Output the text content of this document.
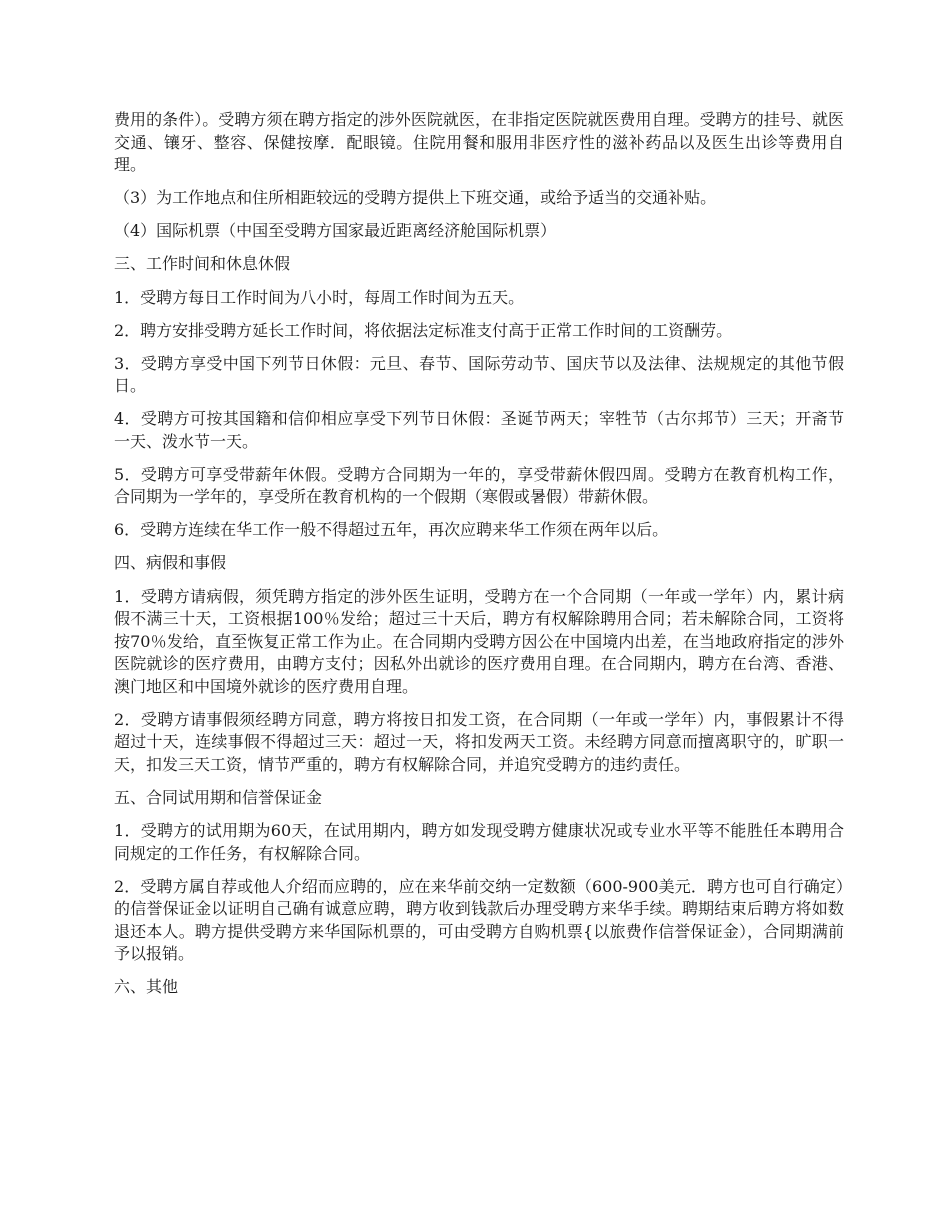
费用的条件）。受聘方须在聘方指定的涉外医院就医，在非指定医院就医费用自理。受聘方的挂号、就医交通、镶牙、整容、保健按摩．配眼镜。住院用餐和服用非医疗性的滋补药品以及医生出诊等费用自理。

（3）为工作地点和住所相距较远的受聘方提供上下班交通，或给予适当的交通补贴。

（4）国际机票（中国至受聘方国家最近距离经济舱国际机票）

三、工作时间和休息休假

1．受聘方每日工作时间为八小时，每周工作时间为五天。

2．聘方安排受聘方延长工作时间，将依据法定标准支付高于正常工作时间的工资酬劳。

3．受聘方享受中国下列节日休假：元旦、春节、国际劳动节、国庆节以及法律、法规规定的其他节假日。

4．受聘方可按其国籍和信仰相应享受下列节日休假：圣诞节两天；宰牲节（古尔邦节）三天；开斋节一天、泼水节一天。

5．受聘方可享受带薪年休假。受聘方合同期为一年的，享受带薪休假四周。受聘方在教育机构工作，合同期为一学年的，享受所在教育机构的一个假期（寒假或暑假）带薪休假。

6．受聘方连续在华工作一般不得超过五年，再次应聘来华工作须在两年以后。

四、病假和事假

1．受聘方请病假，须凭聘方指定的涉外医生证明，受聘方在一个合同期（一年或一学年）内，累计病假不满三十天，工资根据100％发给；超过三十天后，聘方有权解除聘用合同；若未解除合同，工资将按70％发给，直至恢复正常工作为止。在合同期内受聘方因公在中国境内出差，在当地政府指定的涉外医院就诊的医疗费用，由聘方支付；因私外出就诊的医疗费用自理。在合同期内，聘方在台湾、香港、澳门地区和中国境外就诊的医疗费用自理。

2．受聘方请事假须经聘方同意，聘方将按日扣发工资，在合同期（一年或一学年）内，事假累计不得超过十天，连续事假不得超过三天：超过一天，将扣发两天工资。未经聘方同意而擅离职守的，旷职一天，扣发三天工资，情节严重的，聘方有权解除合同，并追究受聘方的违约责任。

五、合同试用期和信誉保证金

1．受聘方的试用期为60天，在试用期内，聘方如发现受聘方健康状况或专业水平等不能胜任本聘用合同规定的工作任务，有权解除合同。

2．受聘方属自荐或他人介绍而应聘的，应在来华前交纳一定数额（600-900美元．聘方也可自行确定）的信誉保证金以证明自己确有诚意应聘，聘方收到钱款后办理受聘方来华手续。聘期结束后聘方将如数退还本人。聘方提供受聘方来华国际机票的，可由受聘方自购机票{以旅费作信誉保证金），合同期满前予以报销。

六、其他
